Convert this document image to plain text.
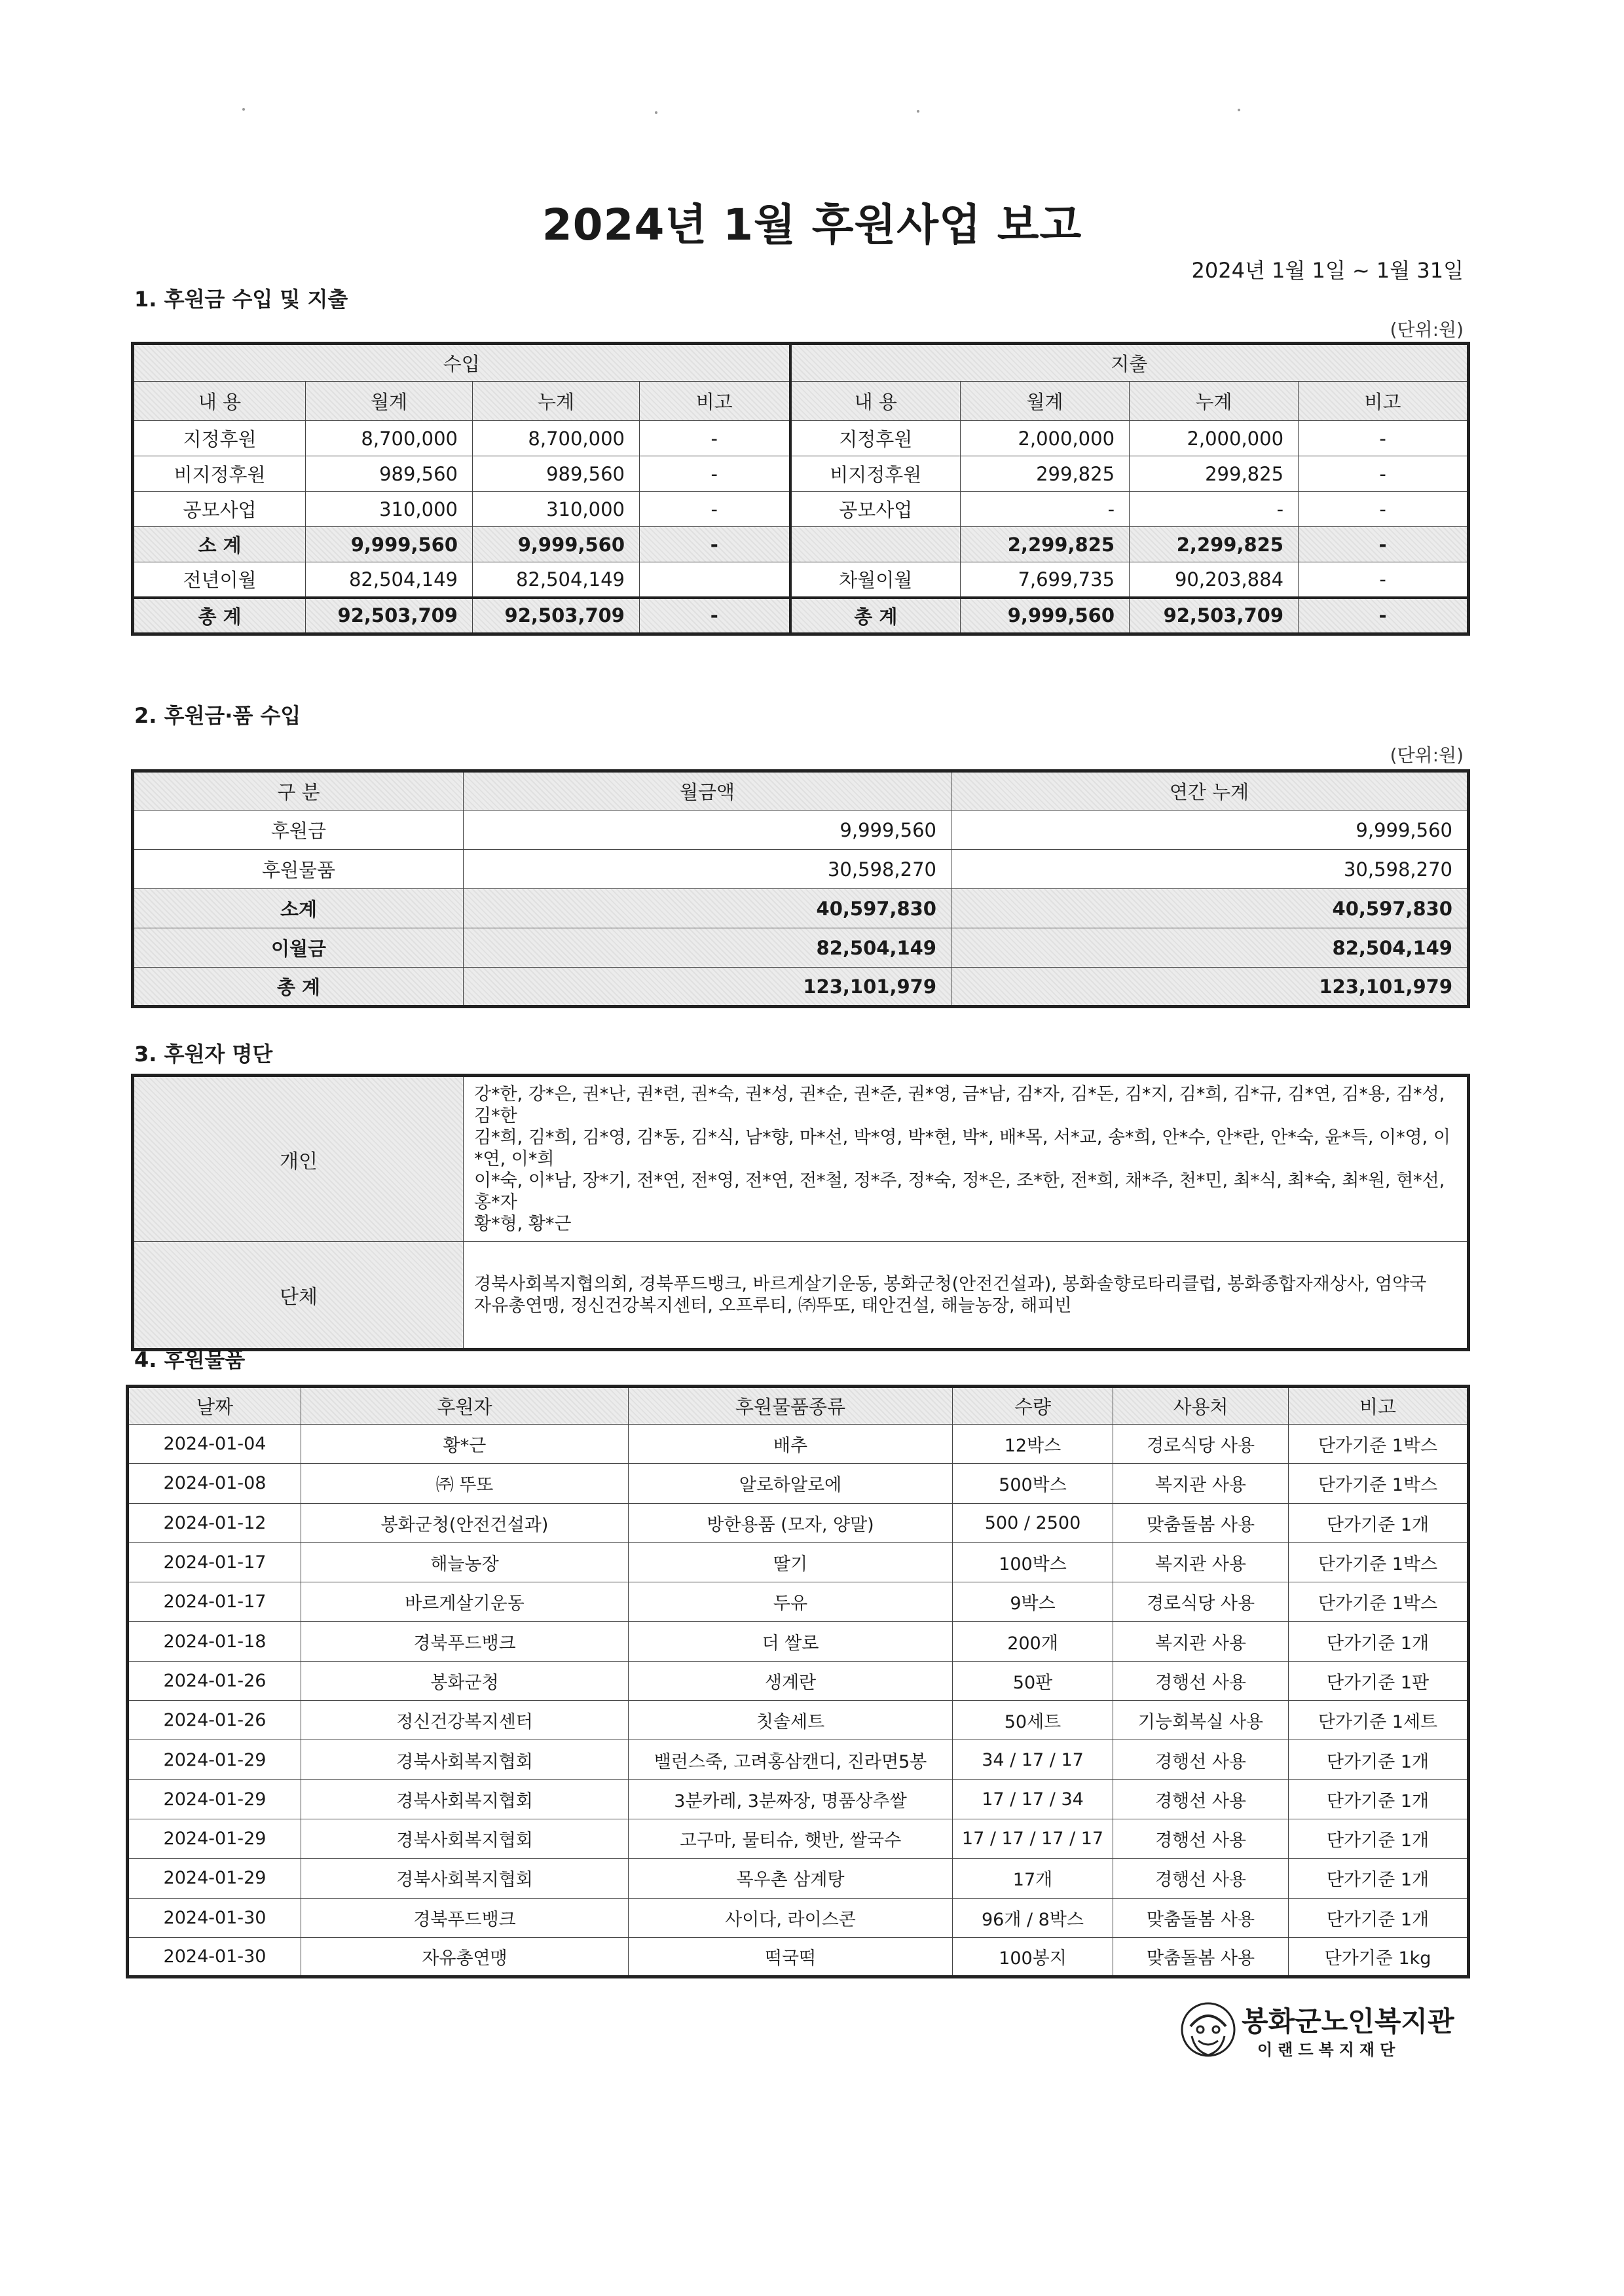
2024년 1월 후원사업 보고
2024년 1월 1일 ~ 1월 31일
1. 후원금 수입 및 지출
(단위:원)
수입				지출			
내 용	월계	누계	비고	내 용	월계	누계	비고
지정후원	8,700,000	8,700,000	-	지정후원	2,000,000	2,000,000	-
비지정후원	989,560	989,560	-	비지정후원	299,825	299,825	-
공모사업	310,000	310,000	-	공모사업	-	-	-
소 계	9,999,560	9,999,560	-		2,299,825	2,299,825	-
전년이월	82,504,149	82,504,149		차월이월	7,699,735	90,203,884	-
총 계	92,503,709	92,503,709	-	총 계	9,999,560	92,503,709	-
2. 후원금·품 수입
(단위:원)
구 분	월금액	연간 누계
후원금	9,999,560	9,999,560
후원물품	30,598,270	30,598,270
소계	40,597,830	40,597,830
이월금	82,504,149	82,504,149
총 계	123,101,979	123,101,979
3. 후원자 명단
개인	강*한, 강*은, 권*난, 권*련, 권*숙, 권*성, 권*순, 권*준, 권*영, 금*남, 김*자, 김*돈, 김*지, 김*희, 김*규, 김*연, 김*용, 김*성, 김*한
김*희, 김*희, 김*영, 김*동, 김*식, 남*향, 마*선, 박*영, 박*현, 박*, 배*목, 서*교, 송*희, 안*수, 안*란, 안*숙, 윤*득, 이*영, 이*연, 이*희
이*숙, 이*남, 장*기, 전*연, 전*영, 전*연, 전*철, 정*주, 정*숙, 정*은, 조*한, 전*희, 채*주, 천*민, 최*식, 최*숙, 최*원, 현*선, 홍*자
황*형, 황*근

단체	경북사회복지협의회, 경북푸드뱅크, 바르게살기운동, 봉화군청(안전건설과), 봉화솔향로타리클럽, 봉화종합자재상사, 엄약국
자유총연맹, 정신건강복지센터, 오프루티, ㈜뚜또, 태안건설, 해늘농장, 해피빈
4. 후원물품
날짜	후원자	후원물품종류	수량	사용처	비고
2024-01-04	황*근	배추	12박스	경로식당 사용	단가기준 1박스
2024-01-08	㈜ 뚜또	알로하알로에	500박스	복지관 사용	단가기준 1박스
2024-01-12	봉화군청(안전건설과)	방한용품 (모자, 양말)	500 / 2500	맞춤돌봄 사용	단가기준 1개
2024-01-17	해늘농장	딸기	100박스	복지관 사용	단가기준 1박스
2024-01-17	바르게살기운동	두유	9박스	경로식당 사용	단가기준 1박스
2024-01-18	경북푸드뱅크	더 쌀로	200개	복지관 사용	단가기준 1개
2024-01-26	봉화군청	생계란	50판	경행선 사용	단가기준 1판
2024-01-26	정신건강복지센터	칫솔세트	50세트	기능회복실 사용	단가기준 1세트
2024-01-29	경북사회복지협회	밸런스죽, 고려홍삼캔디, 진라면5봉	34 / 17 / 17	경행선 사용	단가기준 1개
2024-01-29	경북사회복지협회	3분카레, 3분짜장, 명품상추쌀	17 / 17 / 34	경행선 사용	단가기준 1개
2024-01-29	경북사회복지협회	고구마, 물티슈, 햇반, 쌀국수	17 / 17 / 17 / 17	경행선 사용	단가기준 1개
2024-01-29	경북사회복지협회	목우촌 삼계탕	17개	경행선 사용	단가기준 1개
2024-01-30	경북푸드뱅크	사이다, 라이스콘	96개 / 8박스	맞춤돌봄 사용	단가기준 1개
2024-01-30	자유총연맹	떡국떡	100봉지	맞춤돌봄 사용	단가기준 1kg
봉화군노인복지관
이랜드복지재단
